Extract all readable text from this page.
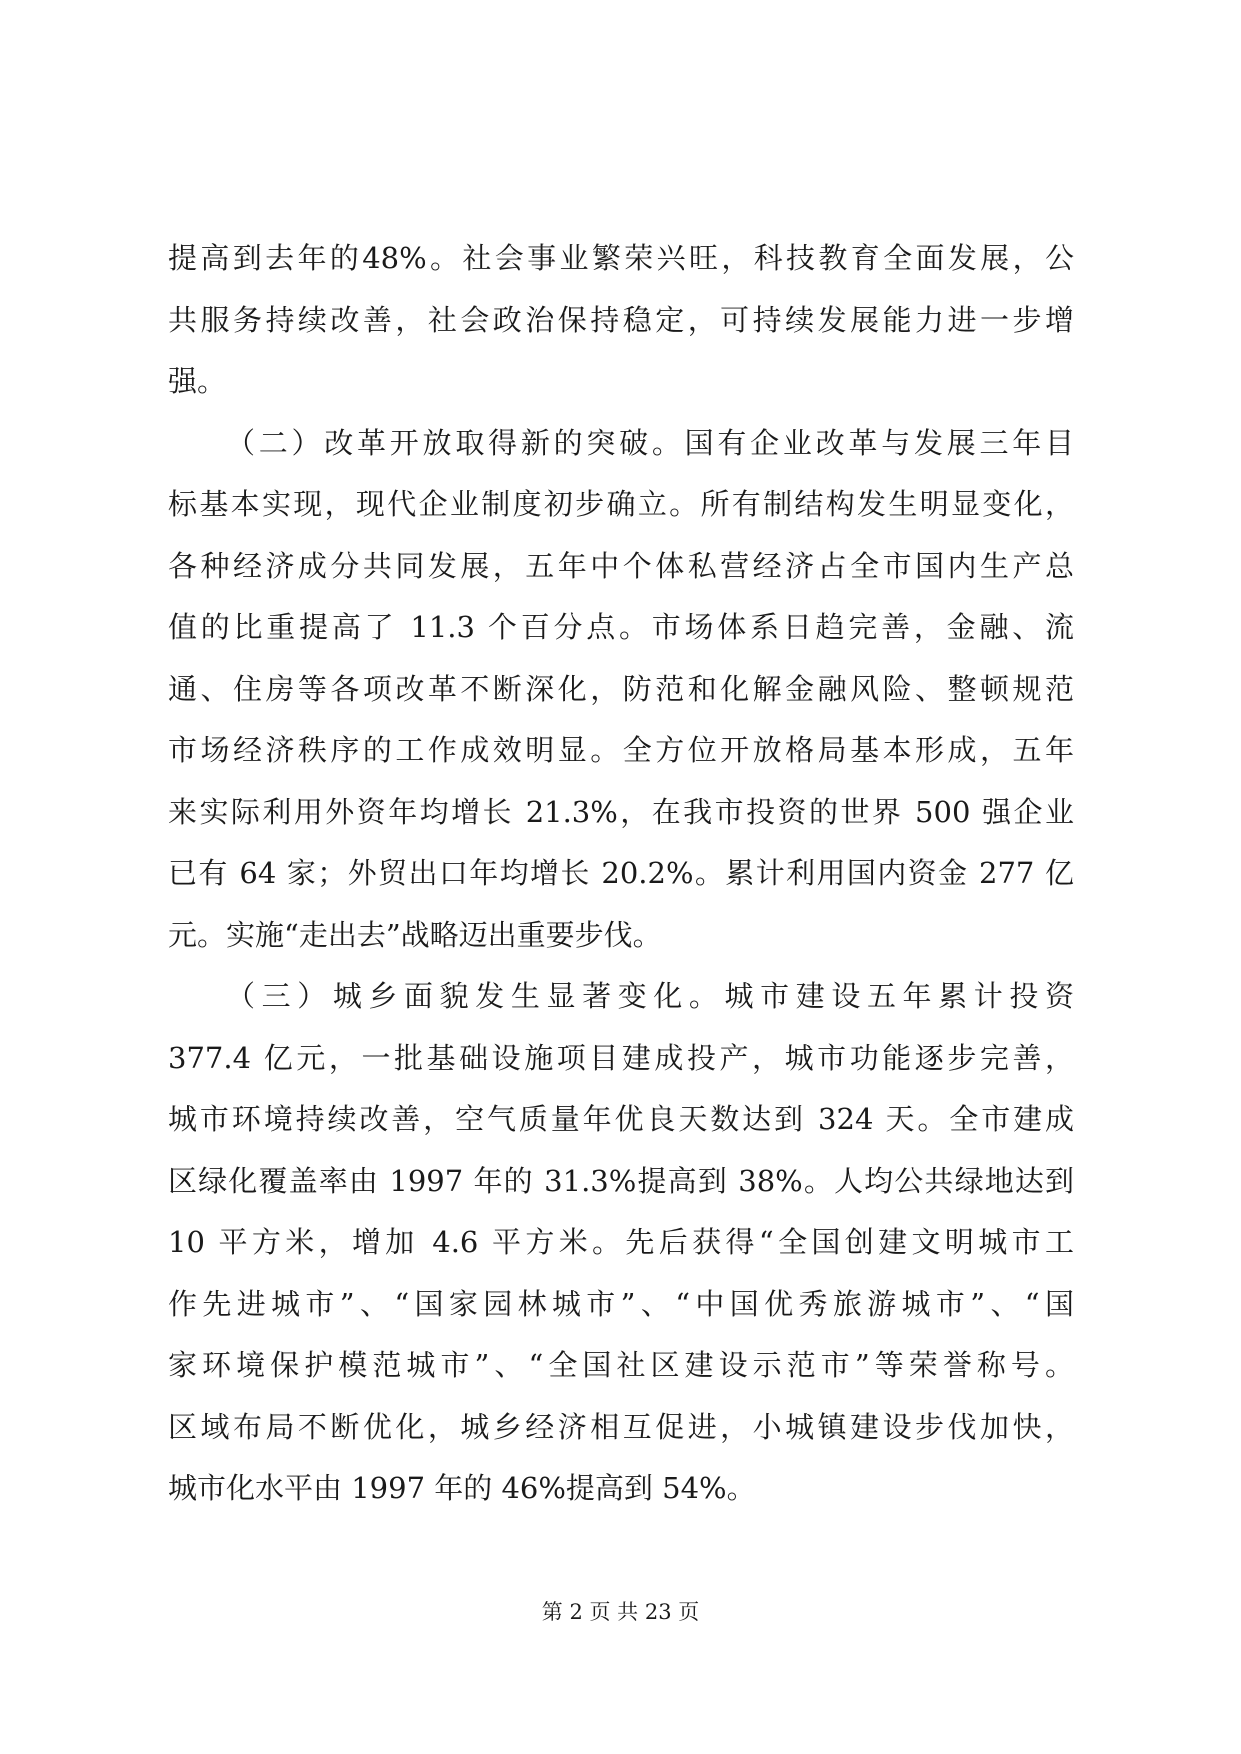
提高到去年的48%。社会事业繁荣兴旺，科技教育全面发展，公
共服务持续改善，社会政治保持稳定，可持续发展能力进一步增
强。
（二）改革开放取得新的突破。国有企业改革与发展三年目
标基本实现，现代企业制度初步确立。所有制结构发生明显变化，
各种经济成分共同发展，五年中个体私营经济占全市国内生产总
值的比重提高了 11.3 个百分点。市场体系日趋完善，金融、流
通、住房等各项改革不断深化，防范和化解金融风险、整顿规范
市场经济秩序的工作成效明显。全方位开放格局基本形成，五年
来实际利用外资年均增长 21.3%，在我市投资的世界 500 强企业
已有 64 家；外贸出口年均增长 20.2%。累计利用国内资金 277 亿
元。实施“走出去”战略迈出重要步伐。
（三）城乡面貌发生显著变化。城市建设五年累计投资
377.4 亿元，一批基础设施项目建成投产，城市功能逐步完善，
城市环境持续改善，空气质量年优良天数达到 324 天。全市建成
区绿化覆盖率由 1997 年的 31.3%提高到 38%。人均公共绿地达到
10 平方米，增加 4.6 平方米。先后获得“全国创建文明城市工
作先进城市”、“国家园林城市”、“中国优秀旅游城市”、“国
家环境保护模范城市”、“全国社区建设示范市”等荣誉称号。
区域布局不断优化，城乡经济相互促进，小城镇建设步伐加快，
城市化水平由 1997 年的 46%提高到 54%。
第 2 页 共 23 页
